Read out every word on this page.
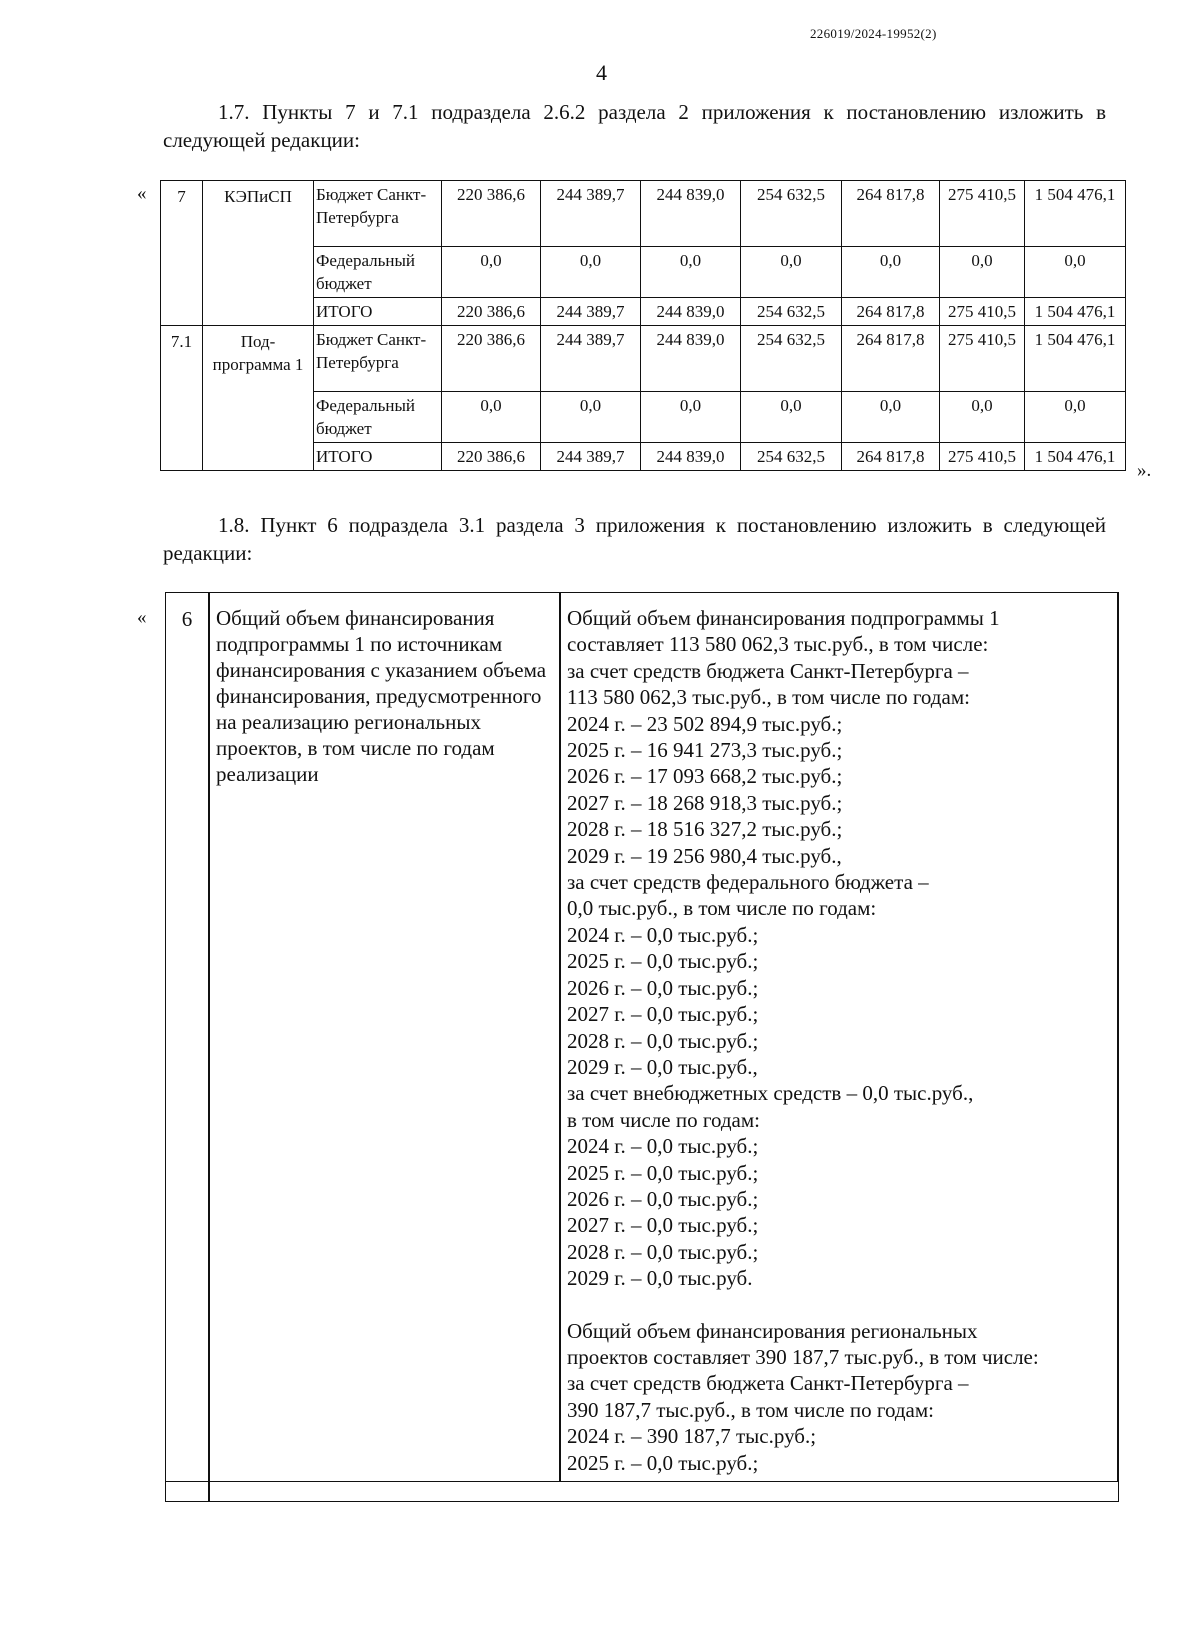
226019/2024-19952(2)
4
1.7. Пункты 7 и 7.1 подраздела 2.6.2 раздела 2 приложения к постановлению изложить в следующей редакции:
« 7	КЭПиСП	Бюджет Санкт-Петербурга	220 386,6	244 389,7	244 839,0	254 632,5	264 817,8	275 410,5	1 504 476,1
		Федеральный бюджет	0,0	0,0	0,0	0,0	0,0	0,0	0,0
		ИТОГО	220 386,6	244 389,7	244 839,0	254 632,5	264 817,8	275 410,5	1 504 476,1
7.1	Под-программа 1	Бюджет Санкт-Петербурга	220 386,6	244 389,7	244 839,0	254 632,5	264 817,8	275 410,5	1 504 476,1
		Федеральный бюджет	0,0	0,0	0,0	0,0	0,0	0,0	0,0
		ИТОГО	220 386,6	244 389,7	244 839,0	254 632,5	264 817,8	275 410,5	1 504 476,1
».
1.8. Пункт 6 подраздела 3.1 раздела 3 приложения к постановлению изложить в следующей редакции:
«	6	Общий объем финансирования подпрограммы 1 по источникам финансирования с указанием объема финансирования, предусмотренного на реализацию региональных проектов, в том числе по годам реализации
Общий объем финансирования подпрограммы 1
составляет 113 580 062,3 тыс.руб., в том числе:
за счет средств бюджета Санкт-Петербурга –
113 580 062,3 тыс.руб., в том числе по годам:
2024 г. – 23 502 894,9 тыс.руб.;
2025 г. – 16 941 273,3 тыс.руб.;
2026 г. – 17 093 668,2 тыс.руб.;
2027 г. – 18 268 918,3 тыс.руб.;
2028 г. – 18 516 327,2 тыс.руб.;
2029 г. – 19 256 980,4 тыс.руб.,
за счет средств федерального бюджета –
0,0 тыс.руб., в том числе по годам:
2024 г. – 0,0 тыс.руб.;
2025 г. – 0,0 тыс.руб.;
2026 г. – 0,0 тыс.руб.;
2027 г. – 0,0 тыс.руб.;
2028 г. – 0,0 тыс.руб.;
2029 г. – 0,0 тыс.руб.,
за счет внебюджетных средств – 0,0 тыс.руб.,
в том числе по годам:
2024 г. – 0,0 тыс.руб.;
2025 г. – 0,0 тыс.руб.;
2026 г. – 0,0 тыс.руб.;
2027 г. – 0,0 тыс.руб.;
2028 г. – 0,0 тыс.руб.;
2029 г. – 0,0 тыс.руб.
Общий объем финансирования региональных
проектов составляет 390 187,7 тыс.руб., в том числе:
за счет средств бюджета Санкт-Петербурга –
390 187,7 тыс.руб., в том числе по годам:
2024 г. – 390 187,7 тыс.руб.;
2025 г. – 0,0 тыс.руб.;
